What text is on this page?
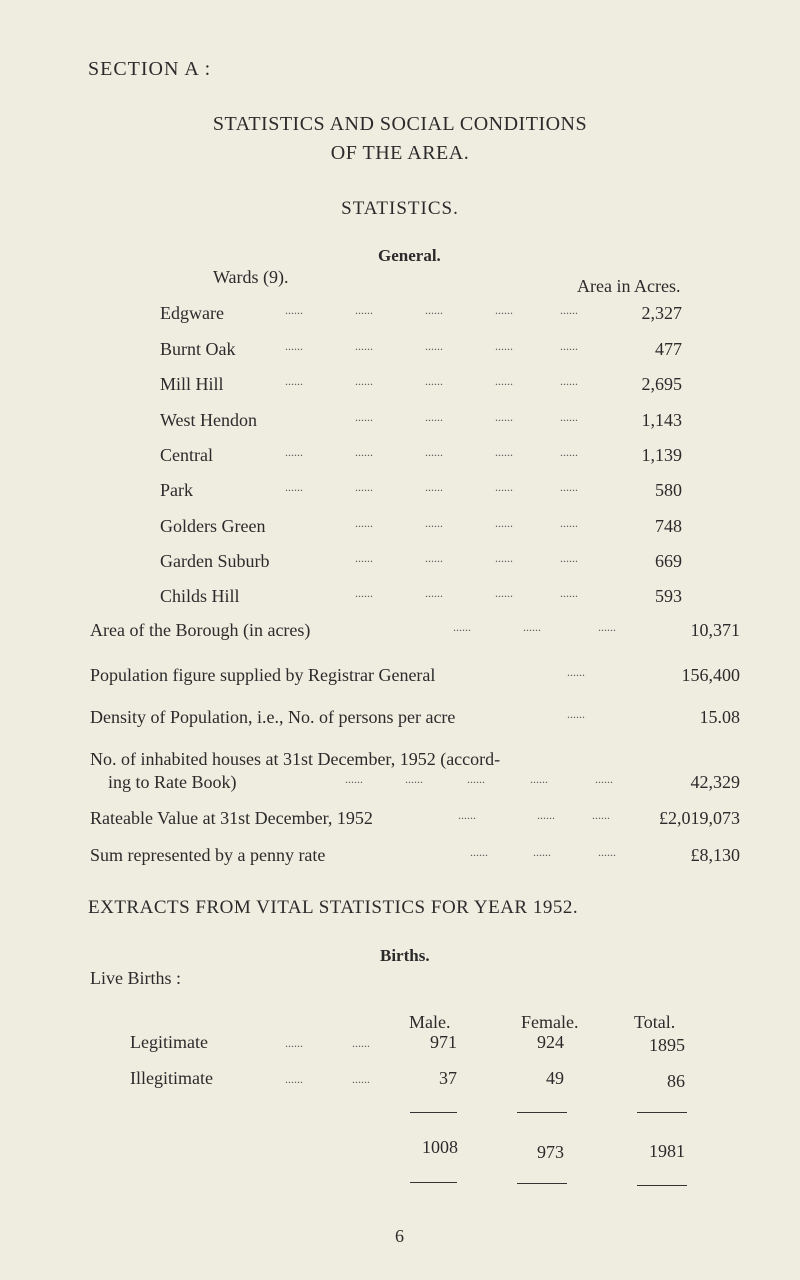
SECTION A :
STATISTICS AND SOCIAL CONDITIONS
OF THE AREA.
STATISTICS.
General.
Wards (9).	Area in Acres.
Edgware	......	......	......	......	......	2,327
Burnt Oak	......	......	......	......	......	477
Mill Hill	......	......	......	......	......	2,695
West Hendon	......	......	......	......	1,143
Central	......	......	......	......	......	1,139
Park	......	......	......	......	......	580
Golders Green	......	......	......	......	748
Garden Suburb	......	......	......	......	669
Childs Hill	......	......	......	......	593
Area of the Borough (in acres)	......	......	......	10,371
Population figure supplied by Registrar General	......	156,400
Density of Population, i.e., No. of persons per acre	......	15.08
No. of inhabited houses at 31st December, 1952 (accord-
ing to Rate Book)	......	......	......	......	......	42,329
Rateable Value at 31st December, 1952	......	......	......	£2,019,073
Sum represented by a penny rate	......	......	......	£8,130
EXTRACTS FROM VITAL STATISTICS FOR YEAR 1952.
Births.
Live Births :
Male.	Female.	Total.
Legitimate	......	......	971	924	1895
Illegitimate	......	......	37	49	86
1008	973	1981
6
